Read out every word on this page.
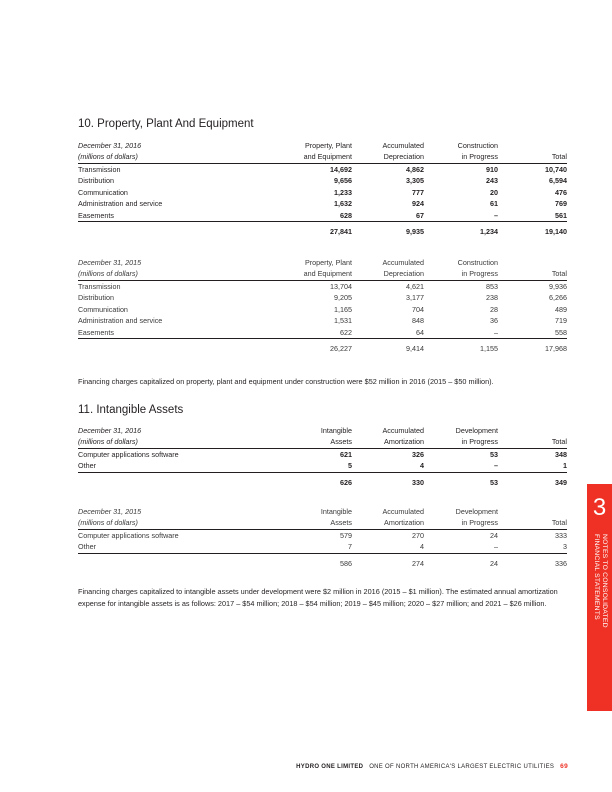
10. Property, Plant And Equipment
December 31, 2016	Property, Plant	Accumulated	Construction	
(millions of dollars)	and Equipment	Depreciation	in Progress	Total
Transmission	14,692	4,862	910	10,740
Distribution	9,656	3,305	243	6,594
Communication	1,233	777	20	476
Administration and service	1,632	924	61	769
Easements	628	67	–	561
	27,841	9,935	1,234	19,140
December 31, 2015	Property, Plant	Accumulated	Construction	
(millions of dollars)	and Equipment	Depreciation	in Progress	Total
Transmission	13,704	4,621	853	9,936
Distribution	9,205	3,177	238	6,266
Communication	1,165	704	28	489
Administration and service	1,531	848	36	719
Easements	622	64	–	558
	26,227	9,414	1,155	17,968

Financing charges capitalized on property, plant and equipment under construction were $52 million in 2016 (2015 – $50 million).

11. Intangible Assets
December 31, 2016	Intangible	Accumulated	Development	
(millions of dollars)	Assets	Amortization	in Progress	Total
Computer applications software	621	326	53	348
Other	5	4	–	1
	626	330	53	349
December 31, 2015	Intangible	Accumulated	Development	
(millions of dollars)	Assets	Amortization	in Progress	Total
Computer applications software	579	270	24	333
Other	7	4	–	3
	586	274	24	336

Financing charges capitalized to intangible assets under development were $2 million in 2016 (2015 – $1 million). The estimated annual amortization expense for intangible assets is as follows: 2017 – $54 million; 2018 – $54 million; 2019 – $45 million; 2020 – $27 million; and 2021 – $26 million.

3
NOTES TO CONSOLIDATED
FINANCIAL STATEMENTS
HYDRO ONE LIMITED ONE OF NORTH AMERICA'S LARGEST ELECTRIC UTILITIES 69
